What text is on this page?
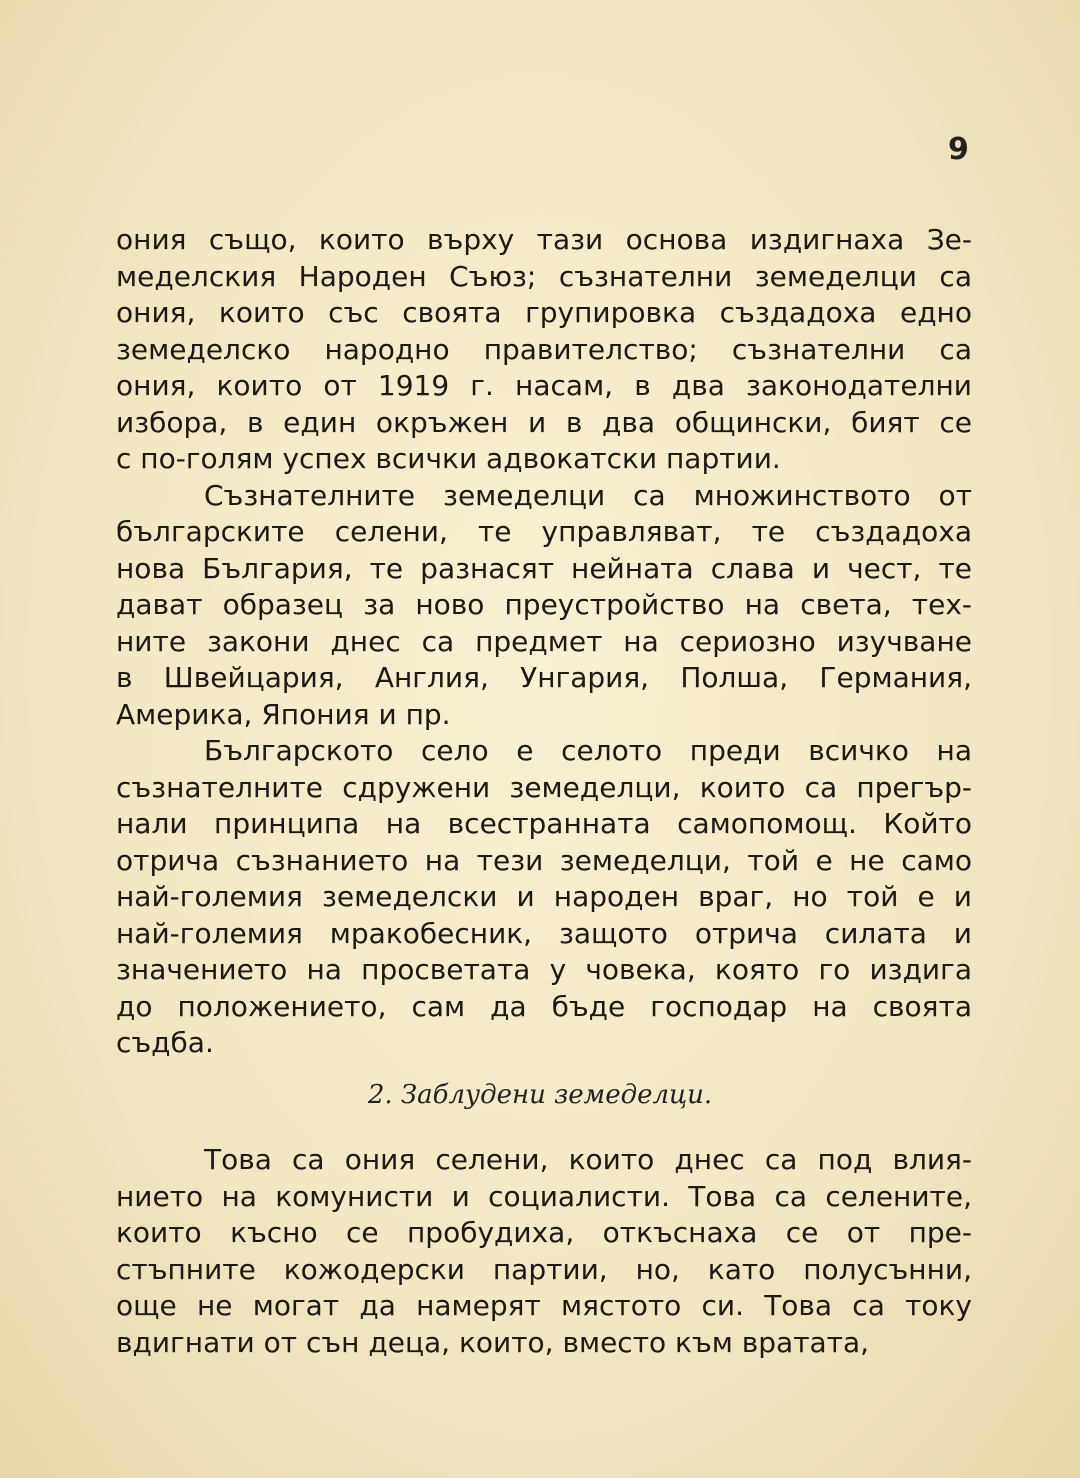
9
ония също, които върху тази основа издигнаха Зе-
меделския Народен Съюз; съзнателни земеделци са
ония, които със своята групировка създадоха едно
земеделско народно правителство; съзнателни са
ония, които от 1919 г. насам, в два законодателни
избора, в един окръжен и в два общински, бият се
с по-голям успех всички адвокатски партии.
Съзнателните земеделци са множинството от
българските селени, те управляват, те създадоха
нова България, те разнасят нейната слава и чест, те
дават образец за ново преустройство на света, тех-
ните закони днес са предмет на сериозно изучване
в Швейцария, Англия, Унгария, Полша, Германия,
Америка, Япония и пр.
Българското село е селото преди всичко на
съзнателните сдружени земеделци, които са прегър-
нали принципа на всестранната самопомощ. Който
отрича съзнанието на тези земеделци, той е не само
най-големия земеделски и народен враг, но той е и
най-големия мракобесник, защото отрича силата и
значението на просветата у човека, която го издига
до положението, сам да бъде господар на своята
съдба.
2. Заблудени земеделци.
Това са ония селени, които днес са под влия-
нието на комунисти и социалисти. Това са селените,
които късно се пробудиха, откъснаха се от пре-
стъпните кожодерски партии, но, като полусънни,
още не могат да намерят мястото си. Това са току
вдигнати от сън деца, които, вместо към вратата,
